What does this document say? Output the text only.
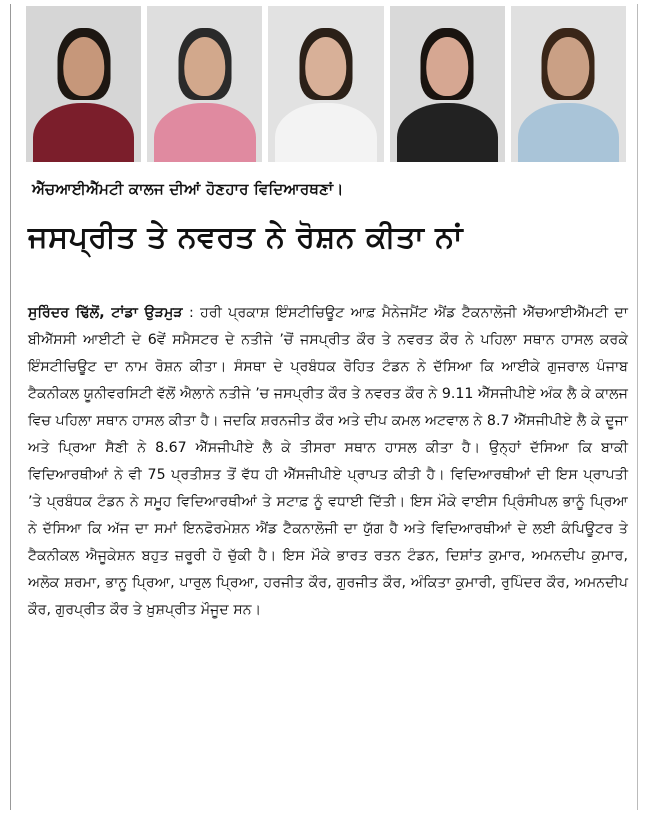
ਐੱਚਆਈਐੱਮਟੀ ਕਾਲਜ ਦੀਆਂ ਹੋਣਹਾਰ ਵਿਦਿਆਰਥਣਾਂ।
ਜਸਪ੍ਰੀਤ ਤੇ ਨਵਰਤ ਨੇ ਰੋਸ਼ਨ ਕੀਤਾ ਨਾਂ
ਸੁਰਿੰਦਰ ਢਿੱਲੋਂ, ਟਾਂਡਾ ਉੜਮੁੜ : ਹਰੀ ਪ੍ਰਕਾਸ਼ ਇੰਸਟੀਚਿਊਟ ਆਫ਼ ਮੈਨੇਜਮੈਂਟ ਐਂਡ ਟੈਕਨਾਲੋਜੀ ਐੱਚਆਈਐੱਮਟੀ ਦਾ ਬੀਐੱਸਸੀ ਆਈਟੀ ਦੇ 6ਵੇਂ ਸਮੈਸਟਰ ਦੇ ਨਤੀਜੇ ’ਚੋਂ ਜਸਪ੍ਰੀਤ ਕੌਰ ਤੇ ਨਵਰਤ ਕੌਰ ਨੇ ਪਹਿਲਾ ਸਥਾਨ ਹਾਸਲ ਕਰਕੇ ਇੰਸਟੀਚਿਊਟ ਦਾ ਨਾਮ ਰੋਸ਼ਨ ਕੀਤਾ। ਸੰਸਥਾ ਦੇ ਪ੍ਰਬੰਧਕ ਰੋਹਿਤ ਟੰਡਨ ਨੇ ਦੱਸਿਆ ਕਿ ਆਈਕੇ ਗੁਜਰਾਲ ਪੰਜਾਬ ਟੈਕਨੀਕਲ ਯੂਨੀਵਰਸਿਟੀ ਵੱਲੋਂ ਐਲਾਨੇ ਨਤੀਜੇ ’ਚ ਜਸਪ੍ਰੀਤ ਕੌਰ ਤੇ ਨਵਰਤ ਕੌਰ ਨੇ 9.11 ਐੱਸਜੀਪੀਏ ਅੰਕ ਲੈ ਕੇ ਕਾਲਜ ਵਿਚ ਪਹਿਲਾ ਸਥਾਨ ਹਾਸਲ ਕੀਤਾ ਹੈ। ਜਦਕਿ ਸ਼ਰਨਜੀਤ ਕੌਰ ਅਤੇ ਦੀਪ ਕਮਲ ਅਟਵਾਲ ਨੇ 8.7 ਐੱਸਜੀਪੀਏ ਲੈ ਕੇ ਦੂਜਾ ਅਤੇ ਪ੍ਰਿਆ ਸੈਣੀ ਨੇ 8.67 ਐੱਸਜੀਪੀਏ ਲੈ ਕੇ ਤੀਸਰਾ ਸਥਾਨ ਹਾਸਲ ਕੀਤਾ ਹੈ। ਉਨ੍ਹਾਂ ਦੱਸਿਆ ਕਿ ਬਾਕੀ ਵਿਦਿਆਰਥੀਆਂ ਨੇ ਵੀ 75 ਪ੍ਰਤੀਸ਼ਤ ਤੋਂ ਵੱਧ ਹੀ ਐੱਸਜੀਪੀਏ ਪ੍ਰਾਪਤ ਕੀਤੀ ਹੈ। ਵਿਦਿਆਰਥੀਆਂ ਦੀ ਇਸ ਪ੍ਰਾਪਤੀ ’ਤੇ ਪ੍ਰਬੰਧਕ ਟੰਡਨ ਨੇ ਸਮੂਹ ਵਿਦਿਆਰਥੀਆਂ ਤੇ ਸਟਾਫ਼ ਨੂੰ ਵਧਾਈ ਦਿੱਤੀ। ਇਸ ਮੌਕੇ ਵਾਈਸ ਪ੍ਰਿੰਸੀਪਲ ਭਾਨੂੰ ਪ੍ਰਿਆ ਨੇ ਦੱਸਿਆ ਕਿ ਅੱਜ ਦਾ ਸਮਾਂ ਇਨਫੋਰਮੇਸ਼ਨ ਐਂਡ ਟੈਕਨਾਲੋਜੀ ਦਾ ਯੁੱਗ ਹੈ ਅਤੇ ਵਿਦਿਆਰਥੀਆਂ ਦੇ ਲਈ ਕੰਪਿਊਟਰ ਤੇ ਟੈਕਨੀਕਲ ਐਜੂਕੇਸ਼ਨ ਬਹੁਤ ਜ਼ਰੂਰੀ ਹੋ ਚੁੱਕੀ ਹੈ। ਇਸ ਮੌਕੇ ਭਾਰਤ ਰਤਨ ਟੰਡਨ, ਦਿਸ਼ਾਂਤ ਕੁਮਾਰ, ਅਮਨਦੀਪ ਕੁਮਾਰ, ਅਲੋਕ ਸ਼ਰਮਾ, ਭਾਨੂ ਪ੍ਰਿਆ, ਪਾਰੁਲ ਪ੍ਰਿਆ, ਹਰਜੀਤ ਕੌਰ, ਗੁਰਜੀਤ ਕੌਰ, ਅੰਕਿਤਾ ਕੁਮਾਰੀ, ਰੁਪਿੰਦਰ ਕੌਰ, ਅਮਨਦੀਪ ਕੌਰ, ਗੁਰਪ੍ਰੀਤ ਕੌਰ ਤੇ ਖ਼ੁਸ਼ਪ੍ਰੀਤ ਮੌਜੂਦ ਸਨ।
